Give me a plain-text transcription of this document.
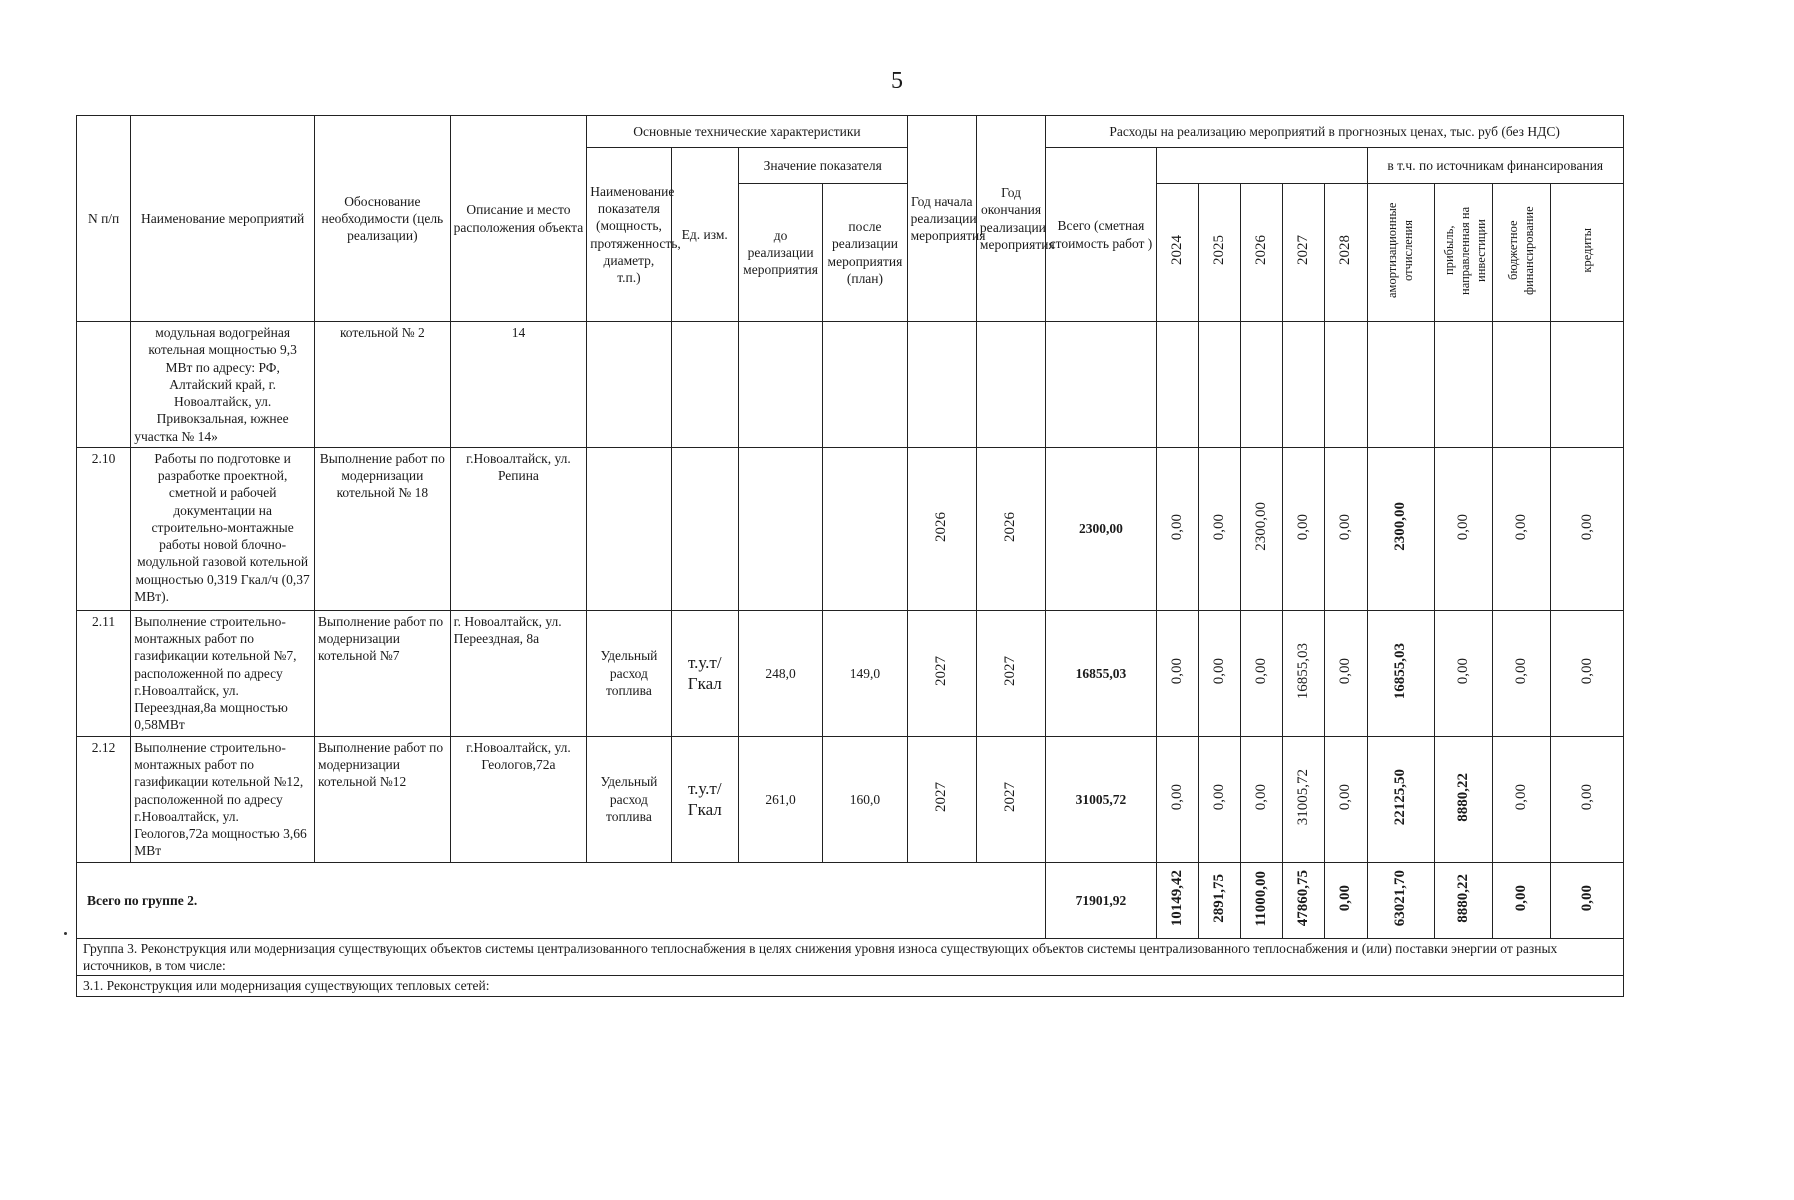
5
N п/п	Наименование мероприятий	Обоснование необходимости (цель реализации)	Описание и место расположения объекта	Основные технические характеристики				Год начала реализации мероприятия	Год окончания реализации мероприятия	Расходы на реализацию мероприятий в прогнозных ценах, тыс. руб (без НДС)									
				Наименование показателя (мощность, протяженность, диаметр, т.п.)	Ед. изм.	Значение показателя				Всего (сметная стоимость работ )						в т.ч. по источникам финансирования			
						до реализации мероприятия	после реализации мероприятия (план)				2024	2025	2026	2027	2028	амортизационные отчисления	прибыль, направленная на инвестиции	бюджетное финансирование	кредиты
	модульная водогрейная котельная мощностью 9,3 МВт по адресу: РФ, Алтайский край, г. Новоалтайск, ул. Привокзальная, южнее участка № 14»	котельной № 2	14																
2.10	Работы по подготовке и разработке проектной, сметной и рабочей документации на строительно-монтажные работы новой блочно-модульной газовой котельной мощностью 0,319 Гкал/ч (0,37 МВт).	Выполнение работ по модернизации котельной № 18	г.Новоалтайск, ул. Репина					2026	2026	2300,00	0,00	0,00	2300,00	0,00	0,00	2300,00	0,00	0,00	0,00
2.11	Выполнение строительно-монтажных работ по газификации котельной №7, расположенной по адресу г.Новоалтайск, ул. Переездная,8а мощностью 0,58МВт	Выполнение работ по модернизации котельной №7	г. Новоалтайск, ул. Переездная, 8а	Удельный расход топлива	т.у.т/Гкал	248,0	149,0	2027	2027	16855,03	0,00	0,00	0,00	16855,03	0,00	16855,03	0,00	0,00	0,00
2.12	Выполнение строительно-монтажных работ по газификации котельной №12, расположенной по адресу г.Новоалтайск, ул. Геологов,72а мощностью 3,66 МВт	Выполнение работ по модернизации котельной №12	г.Новоалтайск, ул. Геологов,72а	Удельный расход топлива	т.у.т/Гкал	261,0	160,0	2027	2027	31005,72	0,00	0,00	0,00	31005,72	0,00	22125,50	8880,22	0,00	0,00
Всего по группе 2.										71901,92	10149,42	2891,75	11000,00	47860,75	0,00	63021,70	8880,22	0,00	0,00
Группа 3. Реконструкция или модернизация существующих объектов системы централизованного теплоснабжения в целях снижения уровня износа существующих объектов системы централизованного теплоснабжения и (или) поставки энергии от разных источников, в том числе:																			
3.1. Реконструкция или модернизация существующих тепловых сетей:																			
